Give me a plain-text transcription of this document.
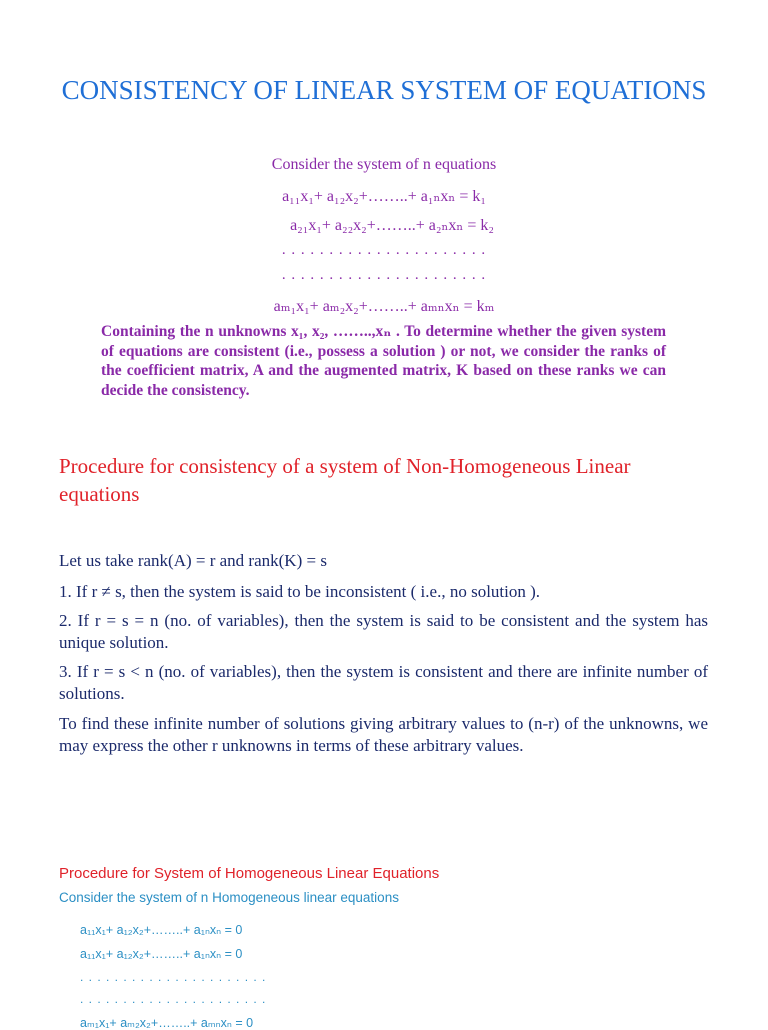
CONSISTENCY OF LINEAR SYSTEM OF EQUATIONS
Consider the system of n equations
a₁₁x₁+ a₁₂x₂+……..+ a₁ₙxₙ = k₁
a₂₁x₁+ a₂₂x₂+……..+ a₂ₙxₙ = k₂
. . . . . . . . . . . . . . . . . . . . . .
. . . . . . . . . . . . . . . . . . . . . .
aₘ₁x₁+ aₘ₂x₂+……..+ aₘₙxₙ = kₘ
Containing the n unknowns x₁, x₂, ……..,xₙ . To determine whether the given system of equations are consistent (i.e., possess a solution ) or not, we consider the ranks of the coefficient matrix, A and the augmented matrix, K based on these ranks we can decide the consistency.
Procedure for consistency of a system of Non-Homogeneous Linear equations
Let us take rank(A) = r and rank(K) = s
1. If r ≠ s, then the system is said to be inconsistent ( i.e., no solution ).
2. If r = s = n (no. of variables), then the system is said to be consistent and the system has unique solution.
3. If r = s < n (no. of variables), then the system is consistent and there are infinite number of solutions.
To find these infinite number of solutions giving arbitrary values to (n-r) of the unknowns, we may express the other r unknowns in terms of these arbitrary values.
Procedure for System of Homogeneous Linear Equations
Consider the system of n Homogeneous linear equations
a₁₁x₁+ a₁₂x₂+……..+ a₁ₙxₙ = 0
a₁₁x₁+ a₁₂x₂+……..+ a₁ₙxₙ = 0
. . . . . . . . . . . . . . . . . . . . . .
. . . . . . . . . . . . . . . . . . . . . .
aₘ₁x₁+ aₘ₂x₂+……..+ aₘₙxₙ = 0
